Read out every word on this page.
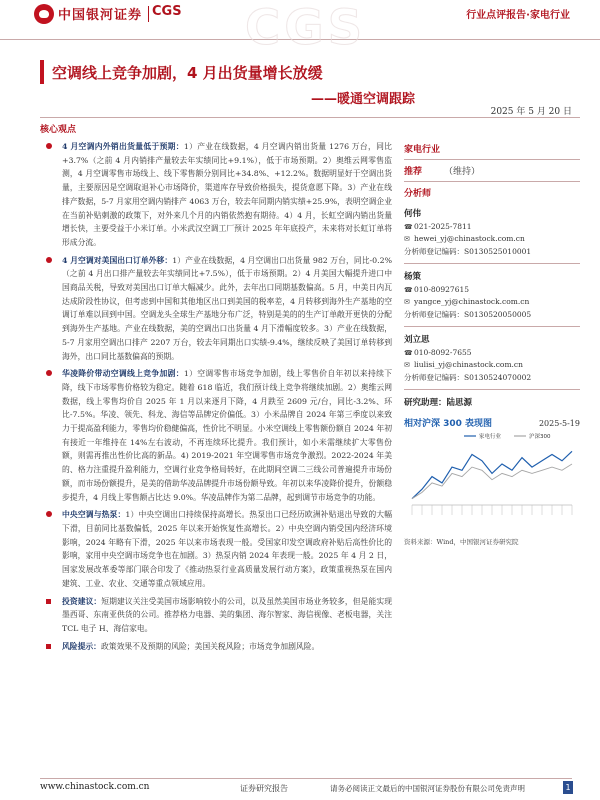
中国银河证券 CGS CGS	行业点评报告·家电行业
空调线上竞争加剧，4 月出货量增长放缓
——暖通空调跟踪
2025 年 5 月 20 日
核心观点
4 月空调内外销出货量低于预期：1）产业在线数据，4 月空调内销出货量 1276 万台，同比+3.7%（之前 4 月内销排产量较去年实绩同比+9.1%），低于市场预期。2）奥维云网零售监测，4 月空调零售市场线上、线下零售额分别同比+34.8%、+12.2%。数据明显好于空调出货量，主要原因是空调取退补心市场降价，渠道库存导致价格损失，提货意愿下降。3）产业在线排产数据，5-7 月家用空调内销排产 4063 万台，较去年同期内销实绩+25.9%，表明空调企业在当前补贴刺激的政策下，对外来几个月的内销依然抱有期待。4）4 月，长虹空调内销出货量增长快，主要受益于小米订单。小米武汉空调工厂预计 2025 年年底投产，未来将对长虹订单将形成分流。
4 月空调对美国出口订单外移：1）产业在线数据，4 月空调出口出货量 982 万台，同比-0.2%（之前 4 月出口排产量较去年实绩同比+7.5%），低于市场预期。2）4 月美国大幅提升进口中国商品关税，导致对美国出口订单大幅减少。此外，去年出口同期基数偏高。5 月，中美日内瓦达成阶段性协议，但考虑到中国和其他地区出口到美国的税率差，4 月转移到海外生产基地的空调订单难以回到中国。空调龙头全球生产基地分布广泛，特别是美的的生产订单敞开更快的分配到海外生产基地。产业在线数据，美的空调出口出货量 4 月下滑幅度较多。3）产业在线数据，5-7 月家用空调出口排产 2207 万台，较去年同期出口实绩-9.4%，继续反映了美国订单转移到海外，出口同比基数偏高的预期。
华凌降价带动空调线上竞争加剧：1）空调零售市场竞争加剧，线上零售价自年初以来持续下降，线下市场零售价格较为稳定。随着 618 临近，我们预计线上竞争将继续加剧。2）奥维云网数据，线上零售均价自 2025 年 1 月以来逐月下降，4 月跌至 2609 元/台，同比-3.2%、环比-7.5%。华凌、领先、科龙、海信等品牌定价偏低。3）小米品牌自 2024 年第三季度以来致力于提高盈利能力，零售均价稳健偏高，性价比不明显。小米空调线上零售额份额自 2024 年初有接近一年维持在 14%左右波动，不再连续环比提升。我们预计，如小米需继续扩大零售份额，则需再推出性价比高的新品。4) 2019-2021 年空调零售市场竞争激烈。2022-2024 年美的、格力注重提升盈利能力，空调行业竞争格局转好，在此期间空调二三线公司普遍提升市场份额，而市场份额提升，是美的借助华凌品牌提升市场份额导致。年初以来华凌降价提升，份额稳步提升，4 月线上零售额占比达 9.0%。华凌品牌作为第二品牌，起到调节市场竞争的功能。
中央空调与热泵：1）中央空调出口持续保持高增长。热泵出口已经历欧洲补贴退出导致的大幅下滑，目前同比基数偏低，2025 年以来开始恢复性高增长。2）中央空调内销受国内经济环境影响，2024 年略有下滑，2025 年以来市场表现一般。受国家印发空调政府补贴后高性价比的影响，家用中央空调市场竞争也在加剧。3）热泵内销 2024 年表现一般。2025 年 4 月 2 日，国家发展改革委等部门联合印发了《推动热泵行业高质量发展行动方案》，政策重视热泵在国内建筑、工业、农业、交通等重点领域应用。
投资建议：短期建议关注受美国市场影响较小的公司，以及虽然美国市场业务较多，但是能实现墨西哥、东南亚供货的公司。推荐格力电器、美的集团、海尔智家、海信视像、老板电器，关注 TCL 电子 H、海信家电。
风险提示：政策效果不及预期的风险；美国关税风险；市场竞争加剧风险。
家电行业
推荐	（维持）
分析师
何伟
☎ 021-2025-7811
✉ hewei_yj@chinastock.com.cn
分析师登记编码：S0130525010001
杨策
☎ 010-80927615
✉ yangce_yj@chinastock.com.cn
分析师登记编码：S0130520050005
刘立思
☎ 010-8092-7655
✉ liulisi_yj@chinastock.com.cn
分析师登记编码：S0130524070002
研究助理：陆思源
相对沪深 300 表现图	2025-5-19
家电行业	沪深300
资料来源：Wind，中国银河证券研究院
www.chinastock.com.cn	证券研究报告	请务必阅读正文最后的中国银河证券股份有限公司免责声明	1
